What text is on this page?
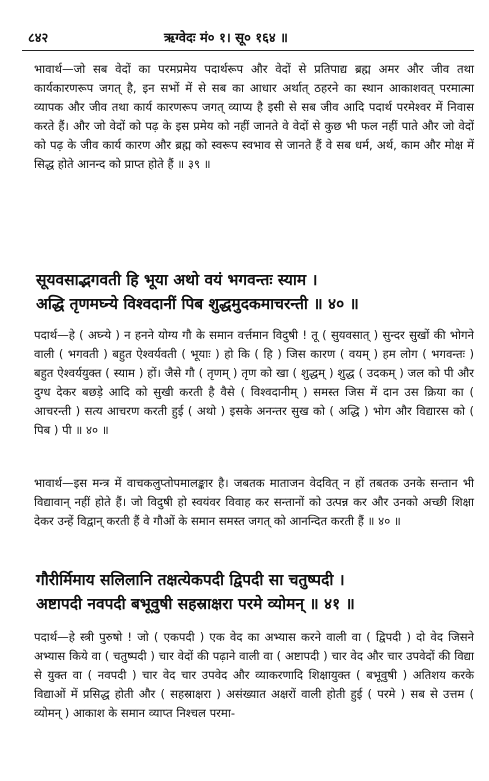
८४२	ऋग्वेदः मं० १। सू० १६४ ॥

भावार्थ—जो सब वेदों का परमप्रमेय पदार्थरूप और वेदों से प्रतिपाद्य ब्रह्म अमर और जीव तथा कार्यकारणरूप जगत् है, इन सभों में से सब का आधार अर्थात् ठहरने का स्थान आकाशवत् परमात्मा व्यापक और जीव तथा कार्य कारणरूप जगत् व्याप्य है इसी से सब जीव आदि पदार्थ परमेश्वर में निवास करते हैं। और जो वेदों को पढ़ के इस प्रमेय को नहीं जानते वे वेदों से कुछ भी फल नहीं पाते और जो वेदों को पढ़ के जीव कार्य कारण और ब्रह्म को स्वरूप स्वभाव से जानते हैं वे सब धर्म, अर्थ, काम और मोक्ष में सिद्ध होते आनन्द को प्राप्त होते हैं ॥ ३९ ॥

सूयवसाद्भगवती हि भूया अथो वयं भगवन्तः स्याम ।
अद्धि तृणमघ्न्ये विश्वदानीं पिब शुद्धमुदकमाचरन्ती ॥ ४० ॥

पदार्थ—हे ( अघ्न्ये ) न हनने योग्य गौ के समान वर्त्तमान विदुषी ! तू ( सुयवसात् ) सुन्दर सुखों की भोगने वाली ( भगवती ) बहुत ऐश्वर्यवती ( भूयाः ) हो कि ( हि ) जिस कारण ( वयम् ) हम लोग ( भगवन्तः ) बहुत ऐश्वर्ययुक्त ( स्याम ) हों। जैसे गौ ( तृणम् ) तृण को खा ( शुद्धम् ) शुद्ध ( उदकम् ) जल को पी और दुग्ध देकर बछड़े आदि को सुखी करती है वैसे ( विश्वदानीम् ) समस्त जिस में दान उस क्रिया का ( आचरन्ती ) सत्य आचरण करती हुई ( अथो ) इसके अनन्तर सुख को ( अद्धि ) भोग और विद्यारस को ( पिब ) पी ॥ ४० ॥

भावार्थ—इस मन्त्र में वाचकलुप्तोपमालङ्कार है। जबतक माताजन वेदवित् न हों तबतक उनके सन्तान भी विद्यावान् नहीं होते हैं। जो विदुषी हो स्वयंवर विवाह कर सन्तानों को उत्पन्न कर और उनको अच्छी शिक्षा देकर उन्हें विद्वान् करती हैं वे गौओं के समान समस्त जगत् को आनन्दित करती हैं ॥ ४० ॥

गौरीर्मिमाय सलिलानि तक्षत्येकपदी द्विपदी सा चतुष्पदी ।
अष्टापदी नवपदी बभूवुषी सहस्राक्षरा परमे व्योमन् ॥ ४१ ॥

पदार्थ—हे स्त्री पुरुषो ! जो ( एकपदी ) एक वेद का अभ्यास करने वाली वा ( द्विपदी ) दो वेद जिसने अभ्यास किये वा ( चतुष्पदी ) चार वेदों की पढ़ाने वाली वा ( अष्टापदी ) चार वेद और चार उपवेदों की विद्या से युक्त वा ( नवपदी ) चार वेद चार उपवेद और व्याकरणादि शिक्षायुक्त ( बभूवुषी ) अतिशय करके विद्याओं में प्रसिद्ध होती और ( सहस्राक्षरा ) असंख्यात अक्षरों वाली होती हुई ( परमे ) सब से उत्तम ( व्योमन् ) आकाश के समान व्याप्त निश्चल परमा-
